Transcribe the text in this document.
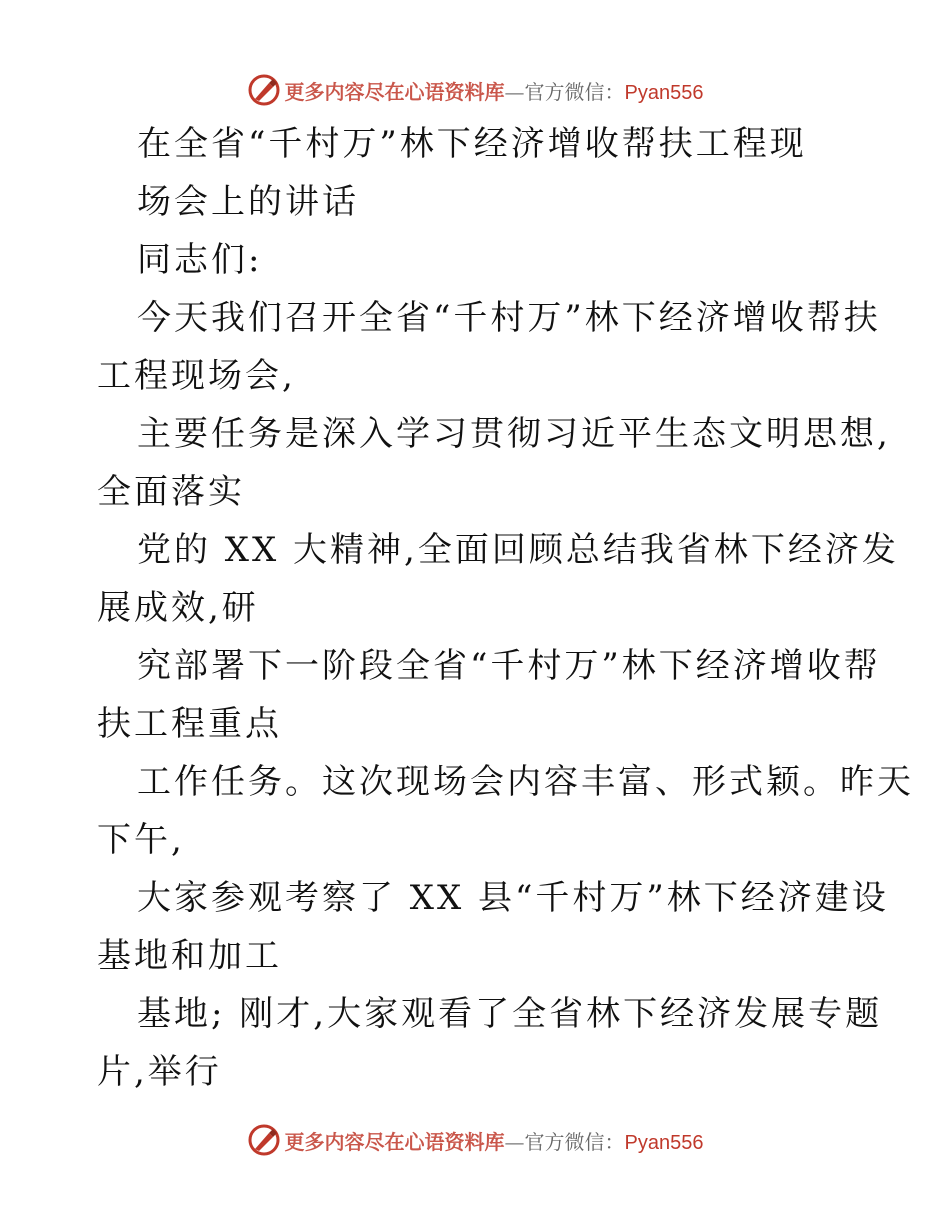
更多内容尽在心语资料库—官方微信：Pyan556
在全省“千村万”林下经济增收帮扶工程现
场会上的讲话
同志们:
今天我们召开全省“千村万”林下经济增收帮扶
工程现场会,
主要任务是深入学习贯彻习近平生态文明思想,
全面落实
党的 XX 大精神,全面回顾总结我省林下经济发
展成效,研
究部署下一阶段全省“千村万”林下经济增收帮
扶工程重点
工作任务。这次现场会内容丰富、形式颖。昨天
下午,
大家参观考察了 XX 县“千村万”林下经济建设
基地和加工
基地; 刚才,大家观看了全省林下经济发展专题
片,举行
更多内容尽在心语资料库—官方微信：Pyan556
